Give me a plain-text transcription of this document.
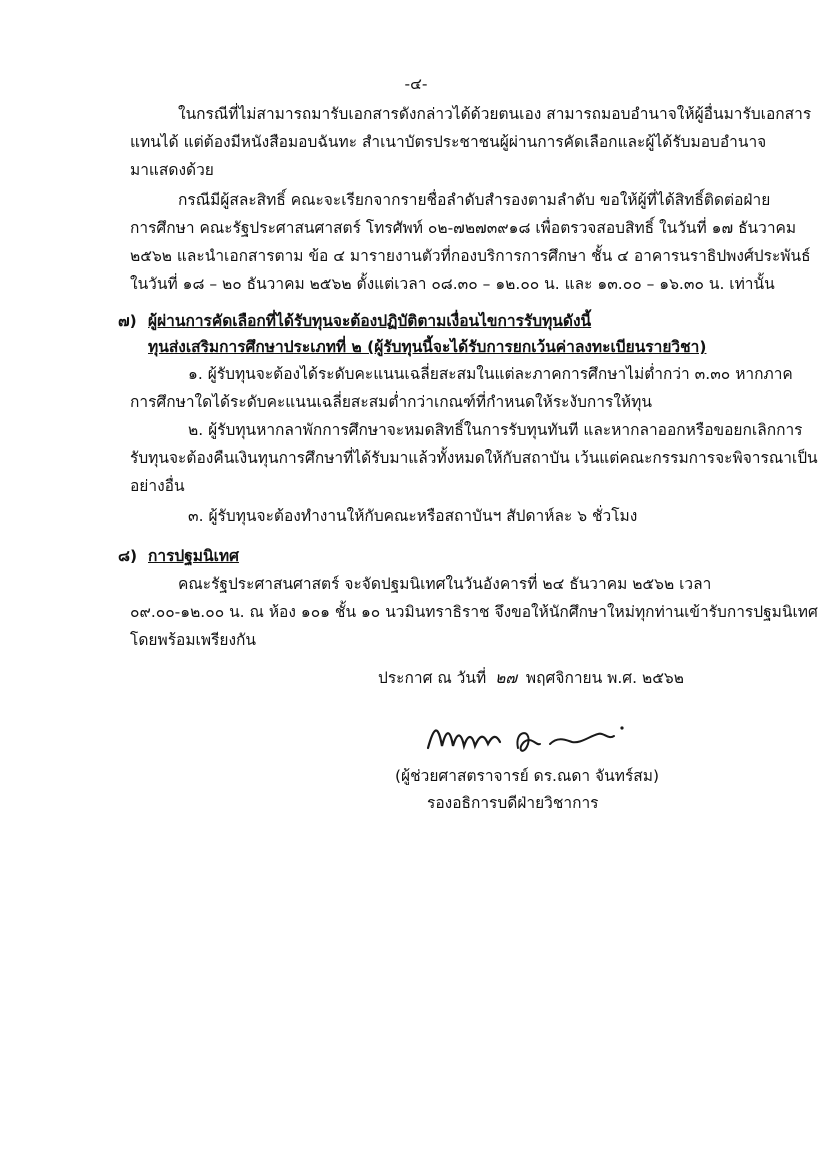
-๔-
ในกรณีที่ไม่สามารถมารับเอกสารดังกล่าวได้ด้วยตนเอง สามารถมอบอำนาจให้ผู้อื่นมารับเอกสาร
แทนได้ แต่ต้องมีหนังสือมอบฉันทะ สำเนาบัตรประชาชนผู้ผ่านการคัดเลือกและผู้ได้รับมอบอำนาจ
มาแสดงด้วย
กรณีมีผู้สละสิทธิ์ คณะจะเรียกจากรายชื่อลำดับสำรองตามลำดับ ขอให้ผู้ที่ได้สิทธิ์ติดต่อฝ่าย
การศึกษา คณะรัฐประศาสนศาสตร์ โทรศัพท์ ๐๒-๗๒๗๓๙๑๘ เพื่อตรวจสอบสิทธิ์ ในวันที่ ๑๗ ธันวาคม
๒๕๖๒ และนำเอกสารตาม ข้อ ๔ มารายงานตัวที่กองบริการการศึกษา ชั้น ๔ อาคารนราธิปพงศ์ประพันธ์
ในวันที่ ๑๘ – ๒๐ ธันวาคม ๒๕๖๒ ตั้งแต่เวลา ๐๘.๓๐ – ๑๒.๐๐ น. และ ๑๓.๐๐ – ๑๖.๓๐ น. เท่านั้น
๗) ผู้ผ่านการคัดเลือกที่ได้รับทุนจะต้องปฏิบัติตามเงื่อนไขการรับทุนดังนี้
ทุนส่งเสริมการศึกษาประเภทที่ ๒ (ผู้รับทุนนี้จะได้รับการยกเว้นค่าลงทะเบียนรายวิชา)
๑. ผู้รับทุนจะต้องได้ระดับคะแนนเฉลี่ยสะสมในแต่ละภาคการศึกษาไม่ต่ำกว่า ๓.๓๐ หากภาค
การศึกษาใดได้ระดับคะแนนเฉลี่ยสะสมต่ำกว่าเกณฑ์ที่กำหนดให้ระงับการให้ทุน
๒. ผู้รับทุนหากลาพักการศึกษาจะหมดสิทธิ์ในการรับทุนทันที และหากลาออกหรือขอยกเลิกการ
รับทุนจะต้องคืนเงินทุนการศึกษาที่ได้รับมาแล้วทั้งหมดให้กับสถาบัน เว้นแต่คณะกรรมการจะพิจารณาเป็น
อย่างอื่น
๓. ผู้รับทุนจะต้องทำงานให้กับคณะหรือสถาบันฯ สัปดาห์ละ ๖ ชั่วโมง
๘) การปฐมนิเทศ
คณะรัฐประศาสนศาสตร์ จะจัดปฐมนิเทศในวันอังคารที่ ๒๔ ธันวาคม ๒๕๖๒ เวลา
๐๙.๐๐-๑๒.๐๐ น. ณ ห้อง ๑๐๑ ชั้น ๑๐ นวมินทราธิราช จึงขอให้นักศึกษาใหม่ทุกท่านเข้ารับการปฐมนิเทศ
โดยพร้อมเพรียงกัน
ประกาศ ณ วันที่ ๒๗ พฤศจิกายน พ.ศ. ๒๕๖๒
(ผู้ช่วยศาสตราจารย์ ดร.ณดา จันทร์สม)
รองอธิการบดีฝ่ายวิชาการ
